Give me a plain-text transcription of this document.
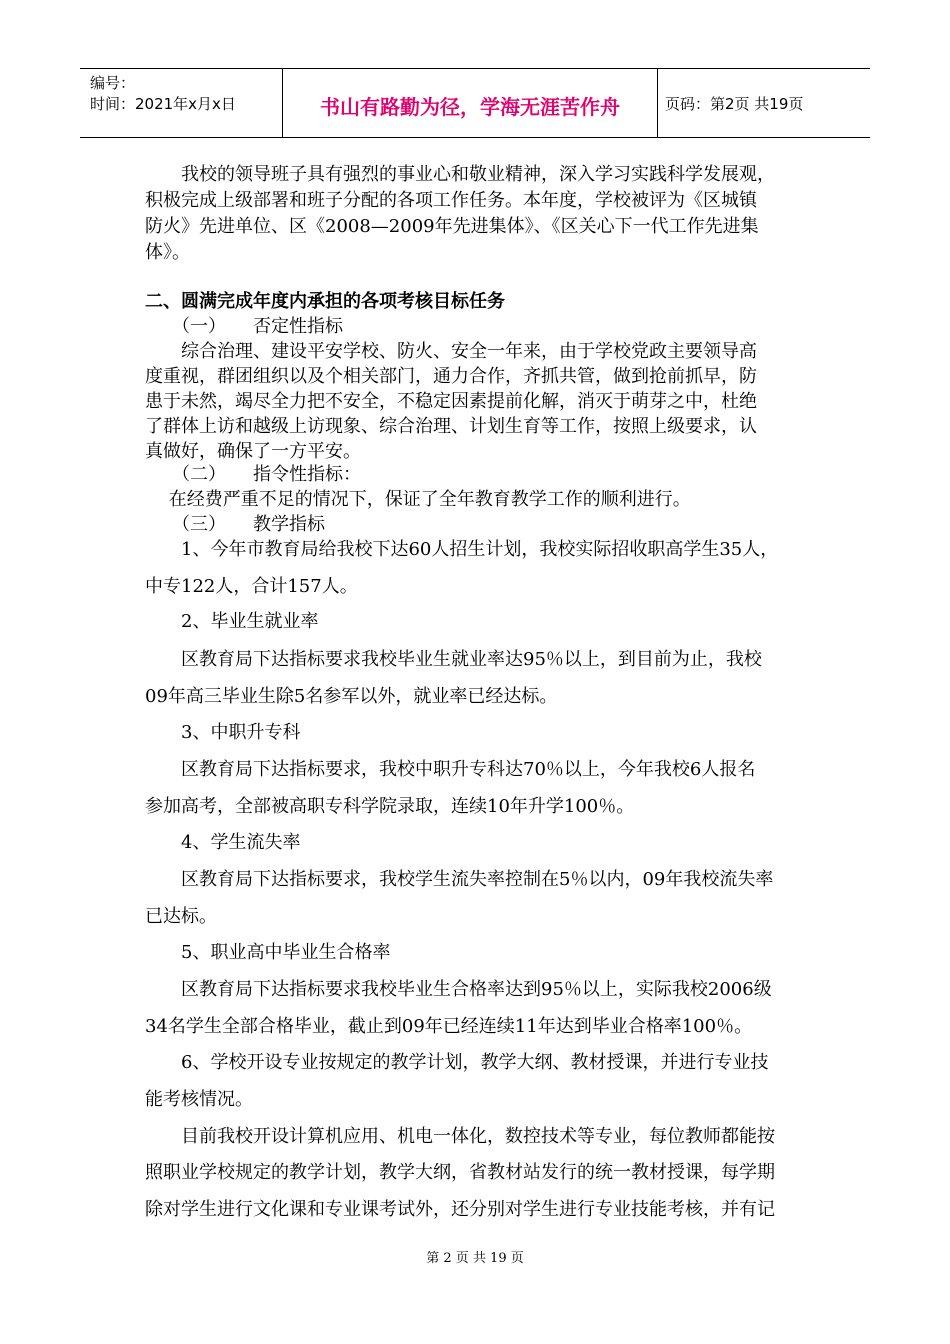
编号：
时间：2021年x月x日	书山有路勤为径，学海无涯苦作舟	页码：第2页 共19页
　　我校的领导班子具有强烈的事业心和敬业精神，深入学习实践科学发展观，
积极完成上级部署和班子分配的各项工作任务。本年度，学校被评为《区城镇
防火》先进单位、区《2008—2009年先进集体》、《区关心下一代工作先进集
体》。
二、圆满完成年度内承担的各项考核目标任务
　　（一）　　否定性指标
　　综合治理、建设平安学校、防火、安全一年来，由于学校党政主要领导高
度重视，群团组织以及个相关部门，通力合作，齐抓共管，做到抢前抓早，防
患于未然，竭尽全力把不安全，不稳定因素提前化解，消灭于萌芽之中，杜绝
了群体上访和越级上访现象、综合治理、计划生育等工作，按照上级要求，认
真做好，确保了一方平安。
　　（二）　　指令性指标：
　 在经费严重不足的情况下，保证了全年教育教学工作的顺利进行。
　　（三）　　教学指标
　　1、今年市教育局给我校下达60人招生计划，我校实际招收职高学生35人，
中专122人，合计157人。
　　2、毕业生就业率
　　区教育局下达指标要求我校毕业生就业率达95％以上，到目前为止，我校
09年高三毕业生除5名参军以外，就业率已经达标。
　　3、中职升专科
　　区教育局下达指标要求，我校中职升专科达70％以上，今年我校6人报名
参加高考，全部被高职专科学院录取，连续10年升学100％。
　　4、学生流失率
　　区教育局下达指标要求，我校学生流失率控制在5％以内，09年我校流失率
已达标。
　　5、职业高中毕业生合格率
　　区教育局下达指标要求我校毕业生合格率达到95％以上，实际我校2006级
34名学生全部合格毕业，截止到09年已经连续11年达到毕业合格率100％。
　　6、学校开设专业按规定的教学计划，教学大纲、教材授课，并进行专业技
能考核情况。
　　目前我校开设计算机应用、机电一体化，数控技术等专业，每位教师都能按
照职业学校规定的教学计划，教学大纲，省教材站发行的统一教材授课，每学期
除对学生进行文化课和专业课考试外，还分别对学生进行专业技能考核，并有记
第 2 页 共 19 页
